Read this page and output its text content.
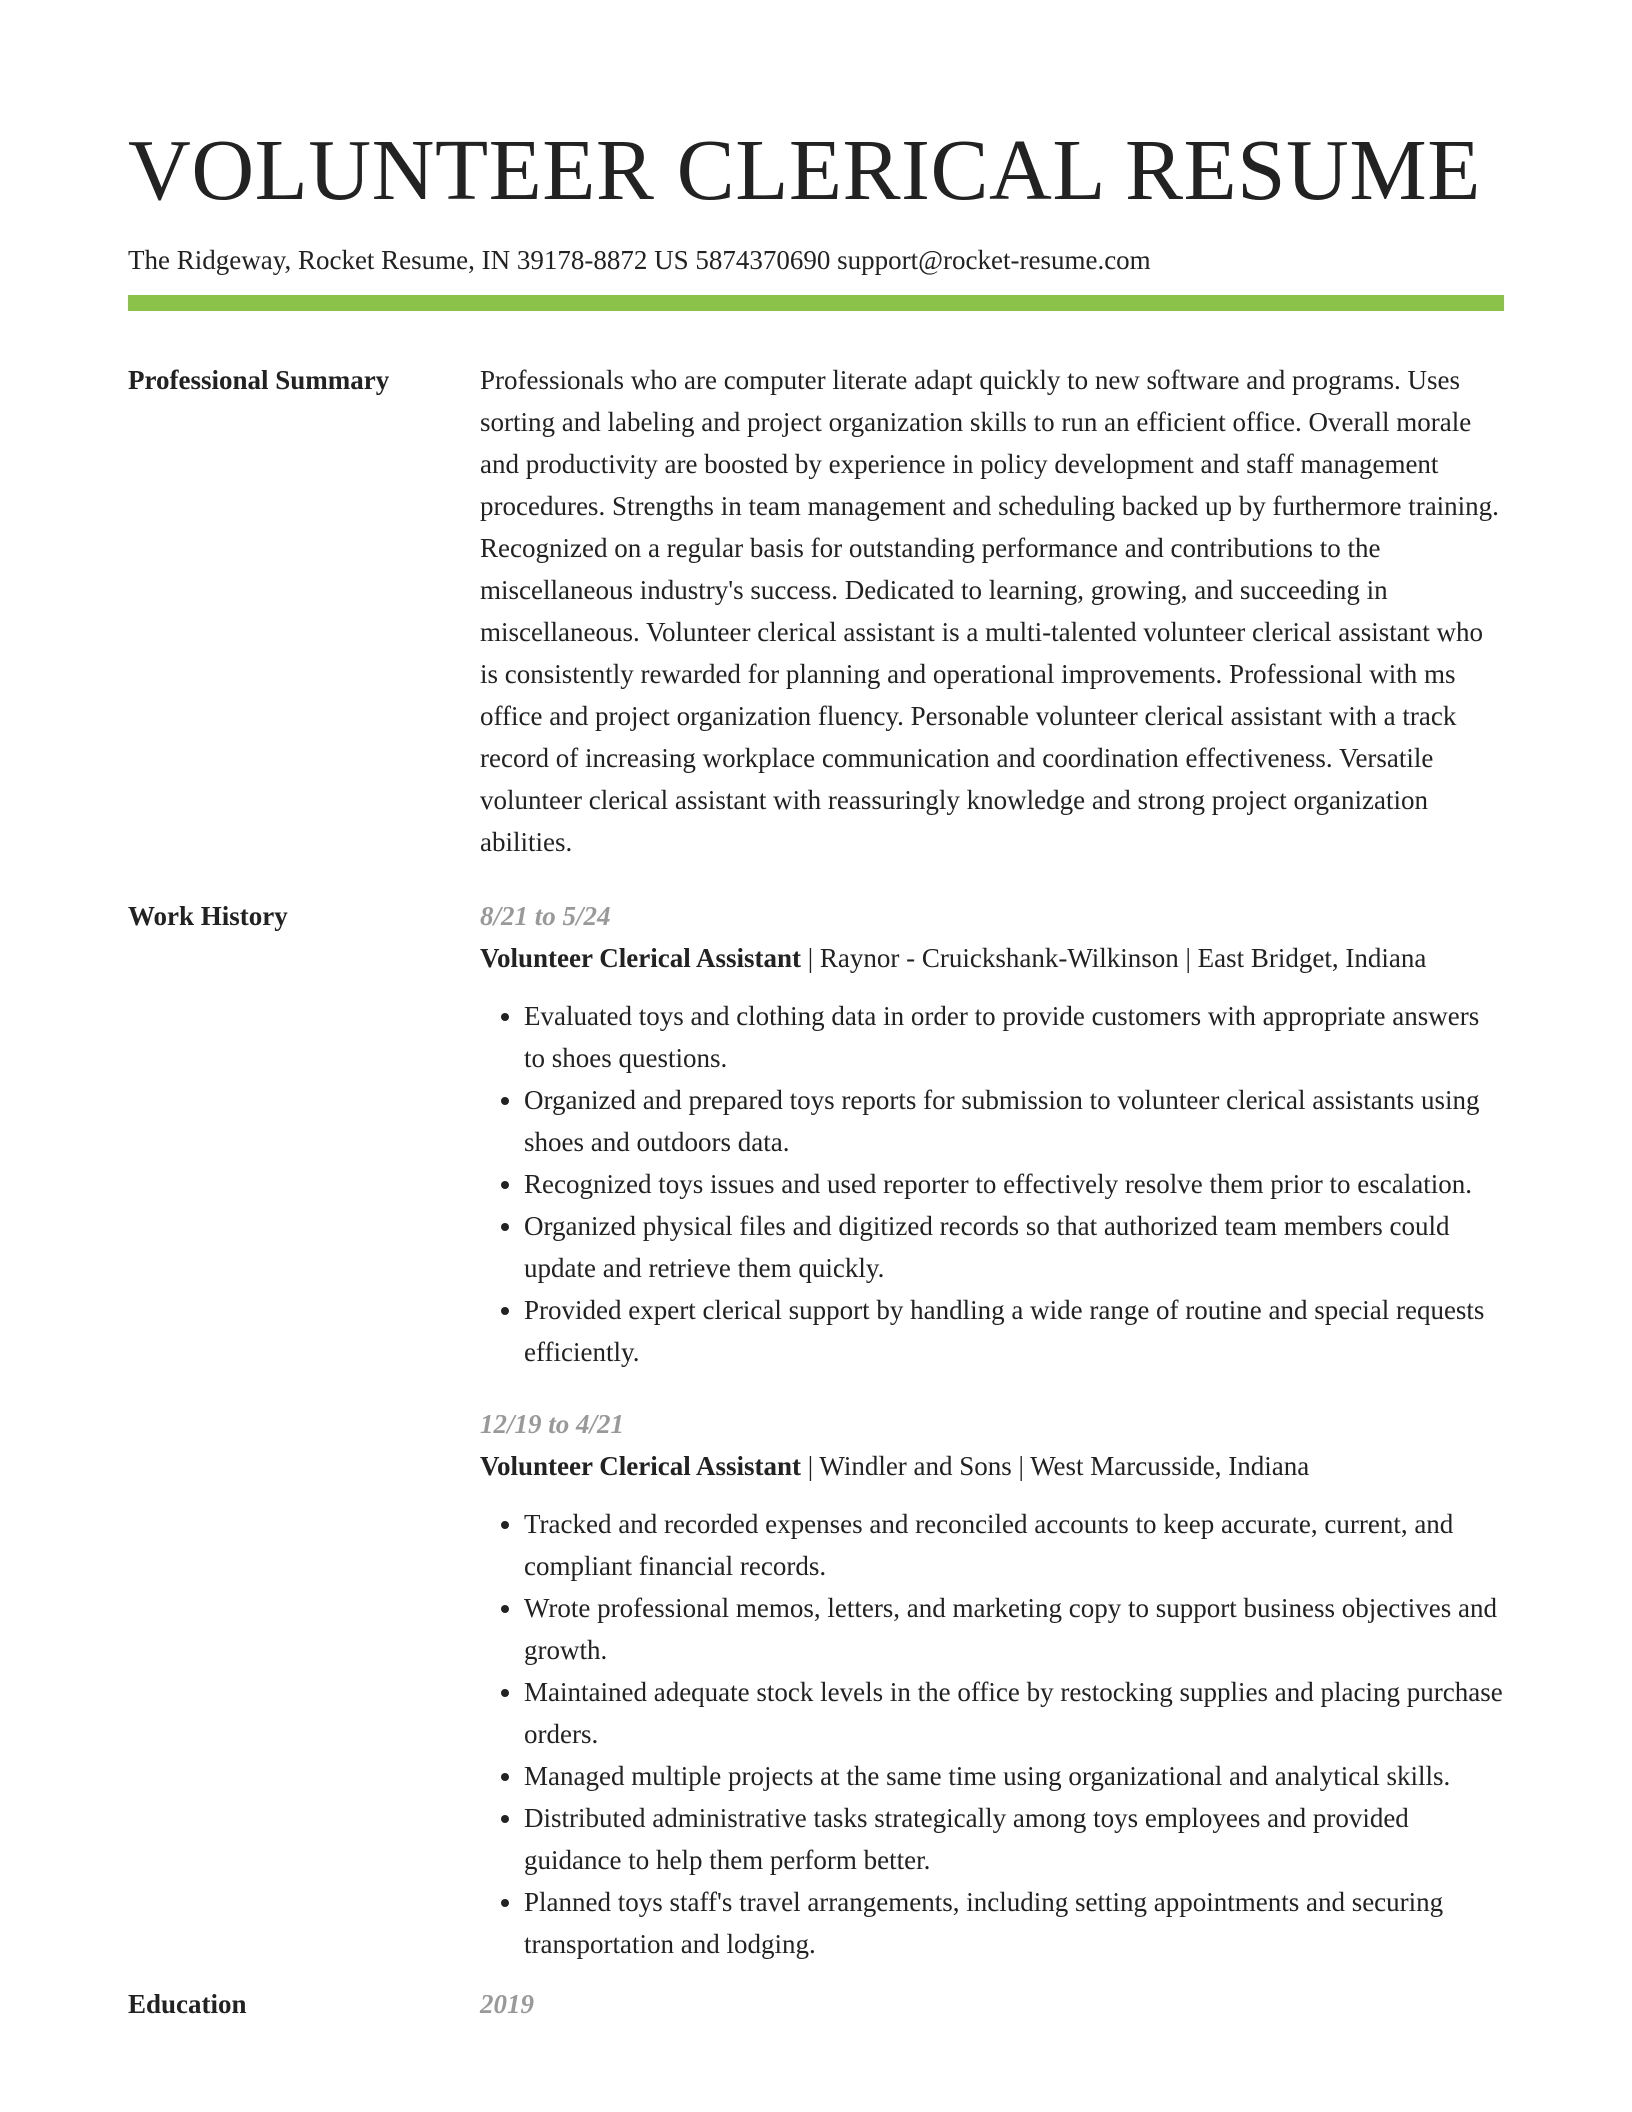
VOLUNTEER CLERICAL RESUME
The Ridgeway, Rocket Resume, IN 39178-8872 US 5874370690 support@rocket-resume.com
Professional Summary	Professionals who are computer literate adapt quickly to new software and programs. Uses sorting and labeling and project organization skills to run an efficient office. Overall morale and productivity are boosted by experience in policy development and staff management procedures. Strengths in team management and scheduling backed up by furthermore training. Recognized on a regular basis for outstanding performance and contributions to the miscellaneous industry's success. Dedicated to learning, growing, and succeeding in miscellaneous. Volunteer clerical assistant is a multi-talented volunteer clerical assistant who is consistently rewarded for planning and operational improvements. Professional with ms office and project organization fluency. Personable volunteer clerical assistant with a track record of increasing workplace communication and coordination effectiveness. Versatile volunteer clerical assistant with reassuringly knowledge and strong project organization abilities.
Work History	8/21 to 5/24
Volunteer Clerical Assistant | Raynor - Cruickshank-Wilkinson | East Bridget, Indiana
• Evaluated toys and clothing data in order to provide customers with appropriate answers to shoes questions.
• Organized and prepared toys reports for submission to volunteer clerical assistants using shoes and outdoors data.
• Recognized toys issues and used reporter to effectively resolve them prior to escalation.
• Organized physical files and digitized records so that authorized team members could update and retrieve them quickly.
• Provided expert clerical support by handling a wide range of routine and special requests efficiently.
12/19 to 4/21
Volunteer Clerical Assistant | Windler and Sons | West Marcusside, Indiana
• Tracked and recorded expenses and reconciled accounts to keep accurate, current, and compliant financial records.
• Wrote professional memos, letters, and marketing copy to support business objectives and growth.
• Maintained adequate stock levels in the office by restocking supplies and placing purchase orders.
• Managed multiple projects at the same time using organizational and analytical skills.
• Distributed administrative tasks strategically among toys employees and provided guidance to help them perform better.
• Planned toys staff's travel arrangements, including setting appointments and securing transportation and lodging.
Education	2019
